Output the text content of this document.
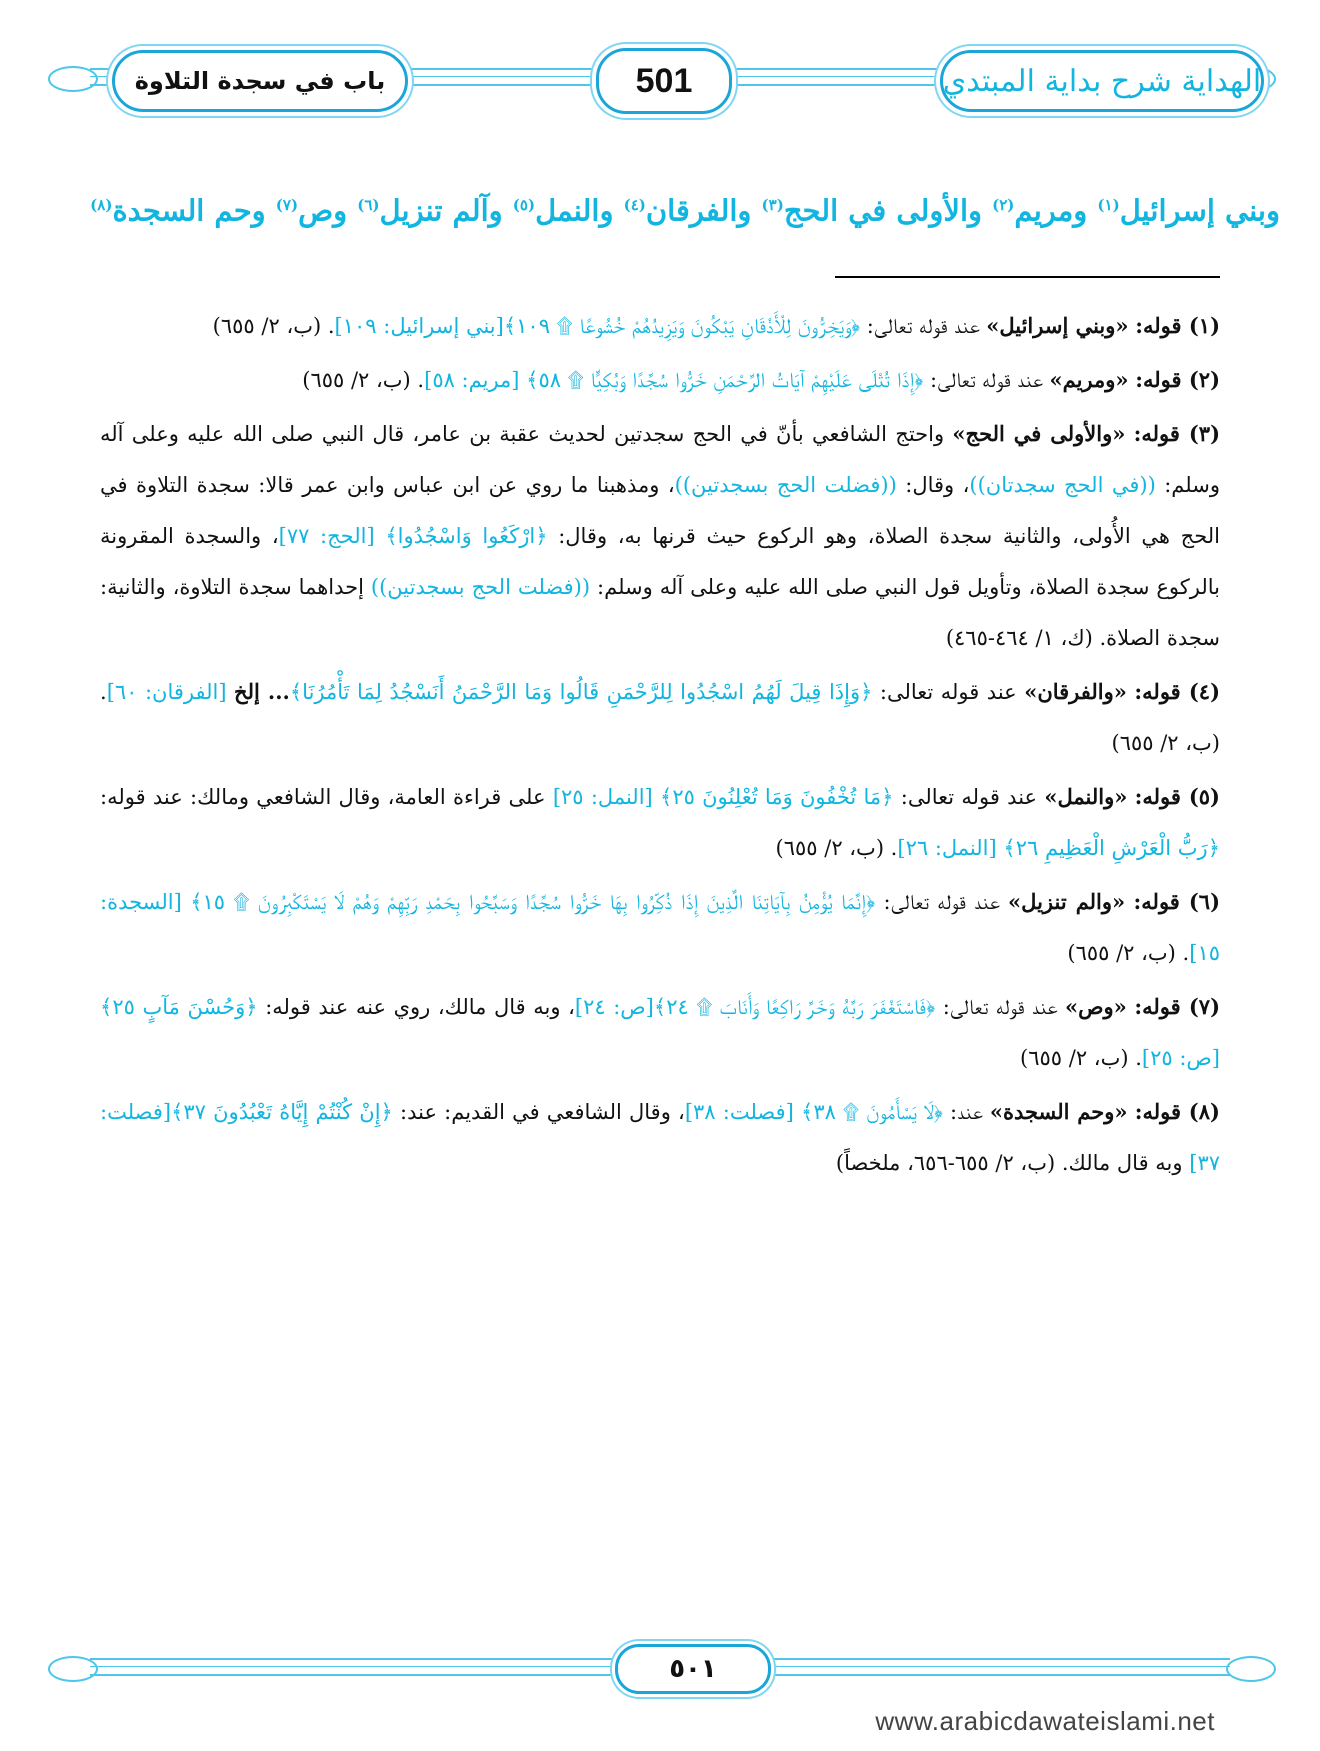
الهداية شرح بداية المبتدي
501
باب في سجدة التلاوة
وبني إسرائيل$^{(١)}$ ومريم$^{(٢)}$ والأولى في الحج$^{(٣)}$ والفرقان$^{(٤)}$ والنمل$^{(٥)}$ وآلم تنزيل$^{(٦)}$ وص$^{(٧)}$ وحم السجدة$^{(٨)}$

(١) قوله: «وبني إسرائيل» عند قوله تعالى: ﴿وَيَخِرُّونَ لِلْأَذْقَانِ يَبْكُونَ وَيَزِيدُهُمْ خُشُوعًا ۩ ١٠٩﴾[بني إسرائيل: ١٠٩]. (ب، ٢/ ٦٥٥)

(٢) قوله: «ومريم» عند قوله تعالى: ﴿إِذَا تُتْلَى عَلَيْهِمْ آيَاتُ الرَّحْمَنِ خَرُّوا سُجَّدًا وَبُكِيًّا ۩ ٥٨﴾ [مريم: ٥٨]. (ب، ٢/ ٦٥٥)

(٣) قوله: «والأولى في الحج» واحتج الشافعي بأنّ في الحج سجدتين لحديث عقبة بن عامر، قال النبي صلى الله عليه وعلى آله وسلم: ((في الحج سجدتان))، وقال: ((فضلت الحج بسجدتين))، ومذهبنا ما روي عن ابن عباس وابن عمر قالا: سجدة التلاوة في الحج هي الأُولى، والثانية سجدة الصلاة، وهو الركوع حيث قرنها به، وقال: ﴿ارْكَعُوا وَاسْجُدُوا﴾ [الحج: ٧٧]، والسجدة المقرونة بالركوع سجدة الصلاة، وتأويل قول النبي صلى الله عليه وعلى آله وسلم: ((فضلت الحج بسجدتين)) إحداهما سجدة التلاوة، والثانية: سجدة الصلاة. (ك، ١/ ٤٦٤-٤٦٥)

(٤) قوله: «والفرقان» عند قوله تعالى: ﴿وَإِذَا قِيلَ لَهُمُ اسْجُدُوا لِلرَّحْمَنِ قَالُوا وَمَا الرَّحْمَنُ أَنَسْجُدُ لِمَا تَأْمُرُنَا﴾... إلخ [الفرقان: ٦٠]. (ب، ٢/ ٦٥٥)

(٥) قوله: «والنمل» عند قوله تعالى: ﴿مَا تُخْفُونَ وَمَا تُعْلِنُونَ ٢٥﴾ [النمل: ٢٥] على قراءة العامة، وقال الشافعي ومالك: عند قوله: ﴿رَبُّ الْعَرْشِ الْعَظِيمِ ٢٦﴾ [النمل: ٢٦]. (ب، ٢/ ٦٥٥)

(٦) قوله: «والم تنزيل» عند قوله تعالى: ﴿إِنَّمَا يُؤْمِنُ بِآيَاتِنَا الَّذِينَ إِذَا ذُكِّرُوا بِهَا خَرُّوا سُجَّدًا وَسَبَّحُوا بِحَمْدِ رَبِّهِمْ وَهُمْ لَا يَسْتَكْبِرُونَ ۩ ١٥﴾ [السجدة: ١٥]. (ب، ٢/ ٦٥٥)

(٧) قوله: «وص» عند قوله تعالى: ﴿فَاسْتَغْفَرَ رَبَّهُ وَخَرَّ رَاكِعًا وَأَنَابَ ۩ ٢٤﴾[ص: ٢٤]، وبه قال مالك، روي عنه عند قوله: ﴿وَحُسْنَ مَآبٍ ٢٥﴾ [ص: ٢٥]. (ب، ٢/ ٦٥٥)

(٨) قوله: «وحم السجدة» عند: ﴿لَا يَسْأَمُونَ ۩ ٣٨﴾ [فصلت: ٣٨]، وقال الشافعي في القديم: عند: ﴿إِنْ كُنْتُمْ إِيَّاهُ تَعْبُدُونَ ٣٧﴾[فصلت: ٣٧] وبه قال مالك. (ب، ٢/ ٦٥٥-٦٥٦، ملخصاً)

٥٠١
www.arabicdawateislami.net
